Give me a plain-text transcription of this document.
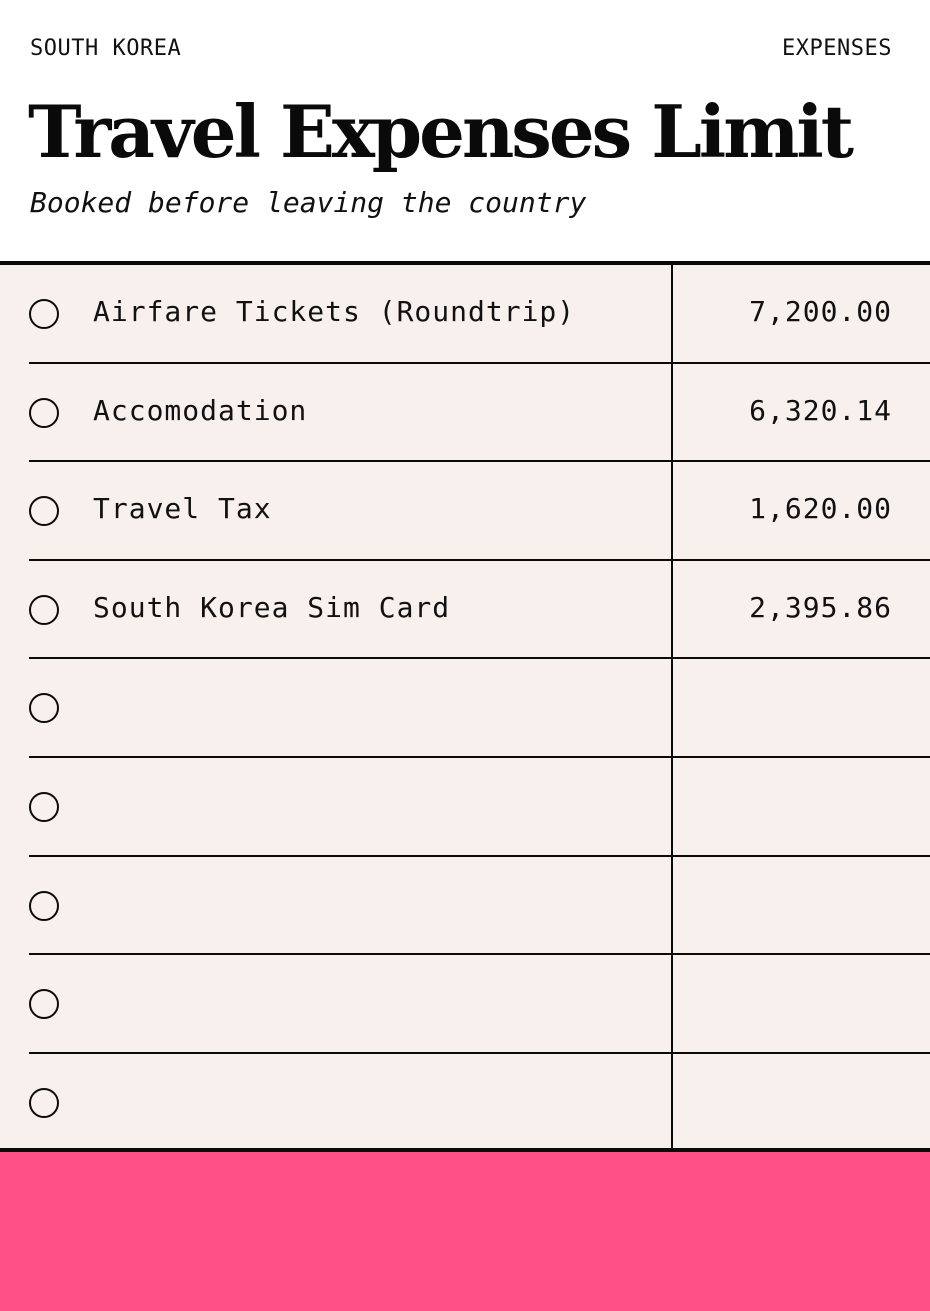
SOUTH KOREA	EXPENSES
Travel Expenses Limit
Booked before leaving the country
Airfare Tickets (Roundtrip)	7,200.00
Accomodation	6,320.14
Travel Tax	1,620.00
South Korea Sim Card	2,395.86
